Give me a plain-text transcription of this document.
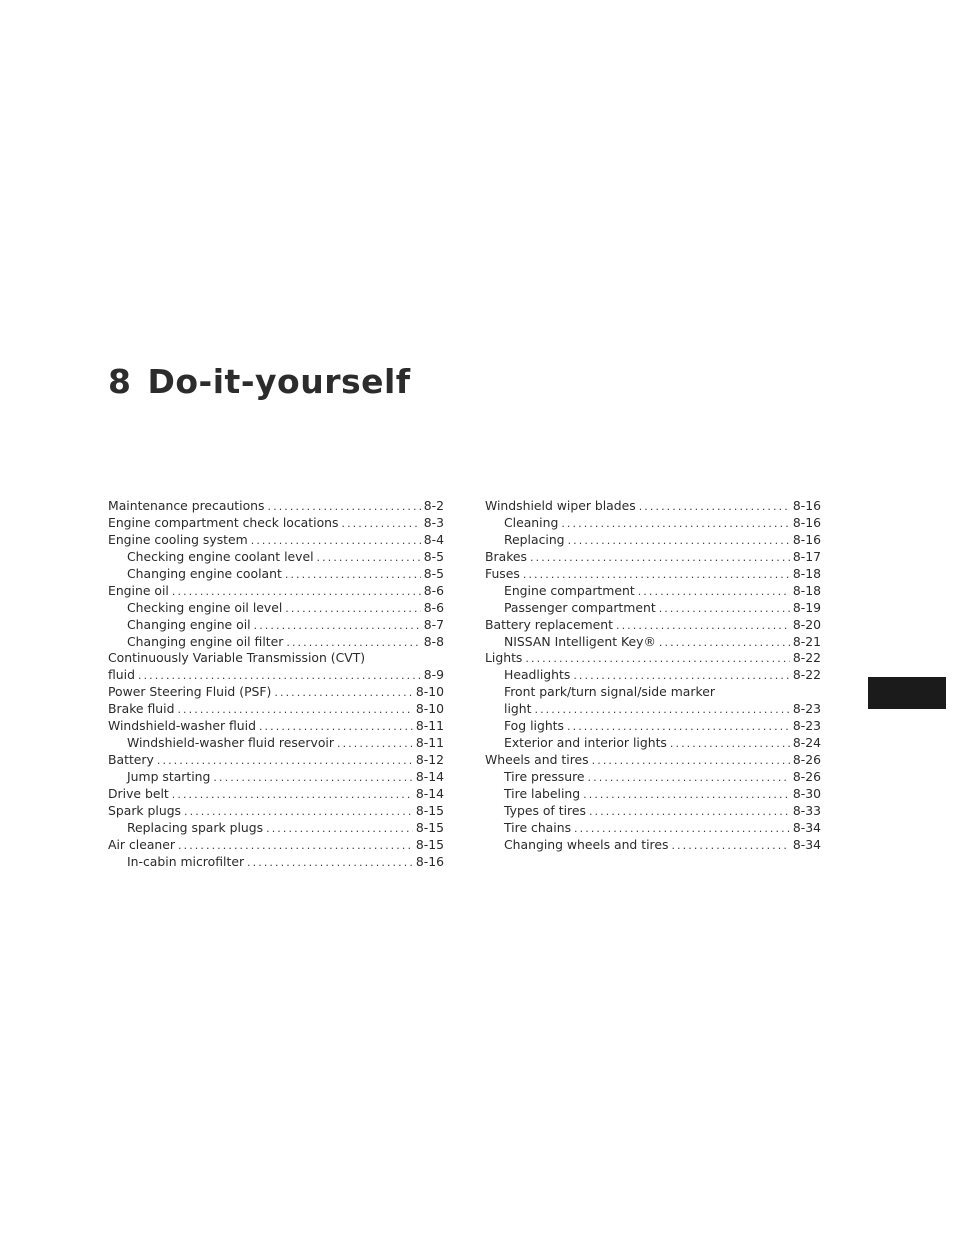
8 Do-it-yourself
Maintenance precautions .....	8-2
Engine compartment check locations .....	8-3
Engine cooling system .....	8-4
Checking engine coolant level .....	8-5
Changing engine coolant .....	8-5
Engine oil .....	8-6
Checking engine oil level .....	8-6
Changing engine oil .....	8-7
Changing engine oil filter .....	8-8
Continuously Variable Transmission (CVT)
fluid .....	8-9
Power Steering Fluid (PSF) .....	8-10
Brake fluid .....	8-10
Windshield-washer fluid .....	8-11
Windshield-washer fluid reservoir .....	8-11
Battery .....	8-12
Jump starting .....	8-14
Drive belt .....	8-14
Spark plugs .....	8-15
Replacing spark plugs .....	8-15
Air cleaner .....	8-15
In-cabin microfilter .....	8-16
Windshield wiper blades .....	8-16
Cleaning .....	8-16
Replacing .....	8-16
Brakes .....	8-17
Fuses .....	8-18
Engine compartment .....	8-18
Passenger compartment .....	8-19
Battery replacement .....	8-20
NISSAN Intelligent Key® .....	8-21
Lights .....	8-22
Headlights .....	8-22
Front park/turn signal/side marker
light .....	8-23
Fog lights .....	8-23
Exterior and interior lights .....	8-24
Wheels and tires .....	8-26
Tire pressure .....	8-26
Tire labeling .....	8-30
Types of tires .....	8-33
Tire chains .....	8-34
Changing wheels and tires .....	8-34
